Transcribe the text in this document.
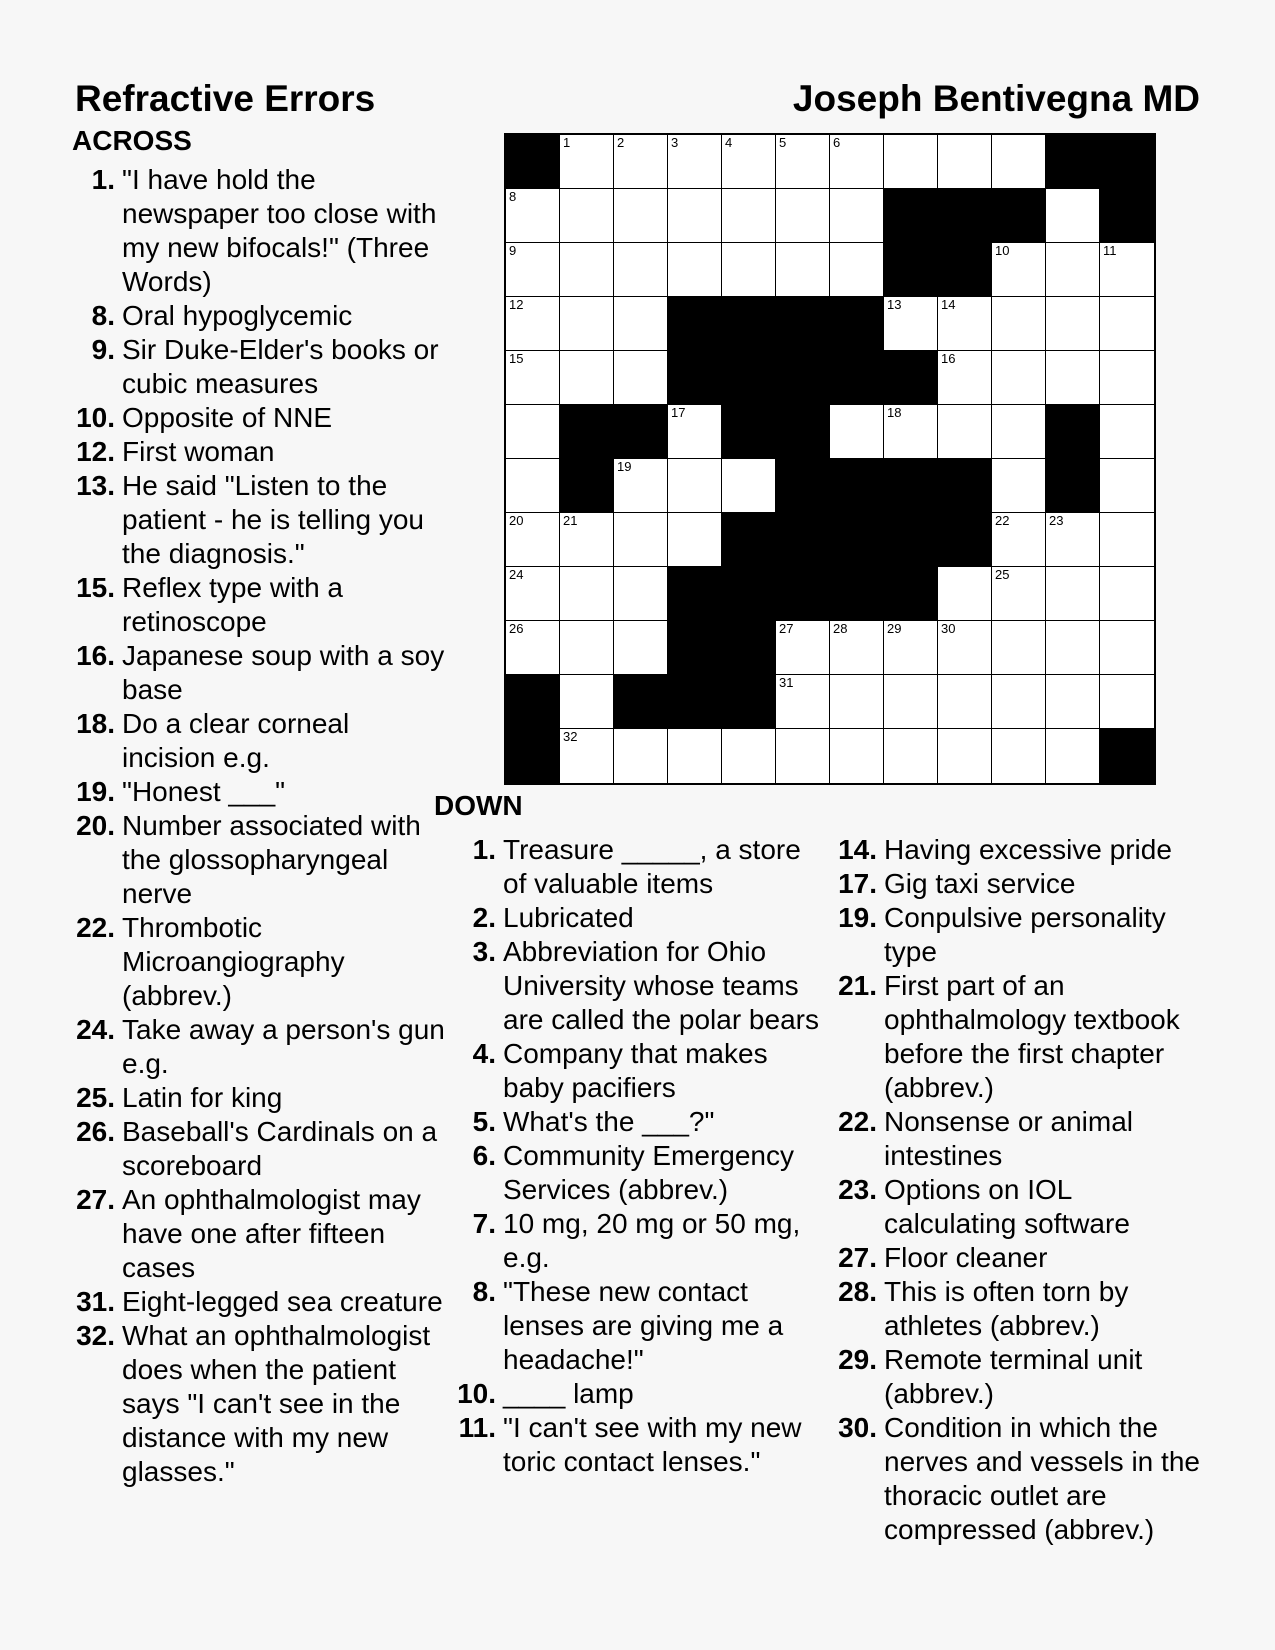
Refractive Errors	Joseph Bentivegna MD
ACROSS
1. "I have hold the newspaper too close with my new bifocals!" (Three Words)
8. Oral hypoglycemic
9. Sir Duke-Elder's books or cubic measures
10. Opposite of NNE
12. First woman
13. He said "Listen to the patient - he is telling you the diagnosis."
15. Reflex type with a retinoscope
16. Japanese soup with a soy base
18. Do a clear corneal incision e.g.
19. "Honest ___"
20. Number associated with the glossopharyngeal nerve
22. Thrombotic Microangiography (abbrev.)
24. Take away a person's gun e.g.
25. Latin for king
26. Baseball's Cardinals on a scoreboard
27. An ophthalmologist may have one after fifteen cases
31. Eight-legged sea creature
32. What an ophthalmologist does when the patient says "I can't see in the distance with my new glasses."
1	2	3	4	5	6	7
8
9	10	11
12	13	14
15	16
17	18
19
20	21	22	23
24	25
26	27	28	29	30
31
32
DOWN
1. Treasure _____, a store of valuable items
2. Lubricated
3. Abbreviation for Ohio University whose teams are called the polar bears
4. Company that makes baby pacifiers
5. What's the ___?"
6. Community Emergency Services (abbrev.)
7. 10 mg, 20 mg or 50 mg, e.g.
8. "These new contact lenses are giving me a headache!"
10. ____ lamp
11. "I can't see with my new toric contact lenses."
14. Having excessive pride
17. Gig taxi service
19. Conpulsive personality type
21. First part of an ophthalmology textbook before the first chapter (abbrev.)
22. Nonsense or animal intestines
23. Options on IOL calculating software
27. Floor cleaner
28. This is often torn by athletes (abbrev.)
29. Remote terminal unit (abbrev.)
30. Condition in which the nerves and vessels in the thoracic outlet are compressed (abbrev.)
